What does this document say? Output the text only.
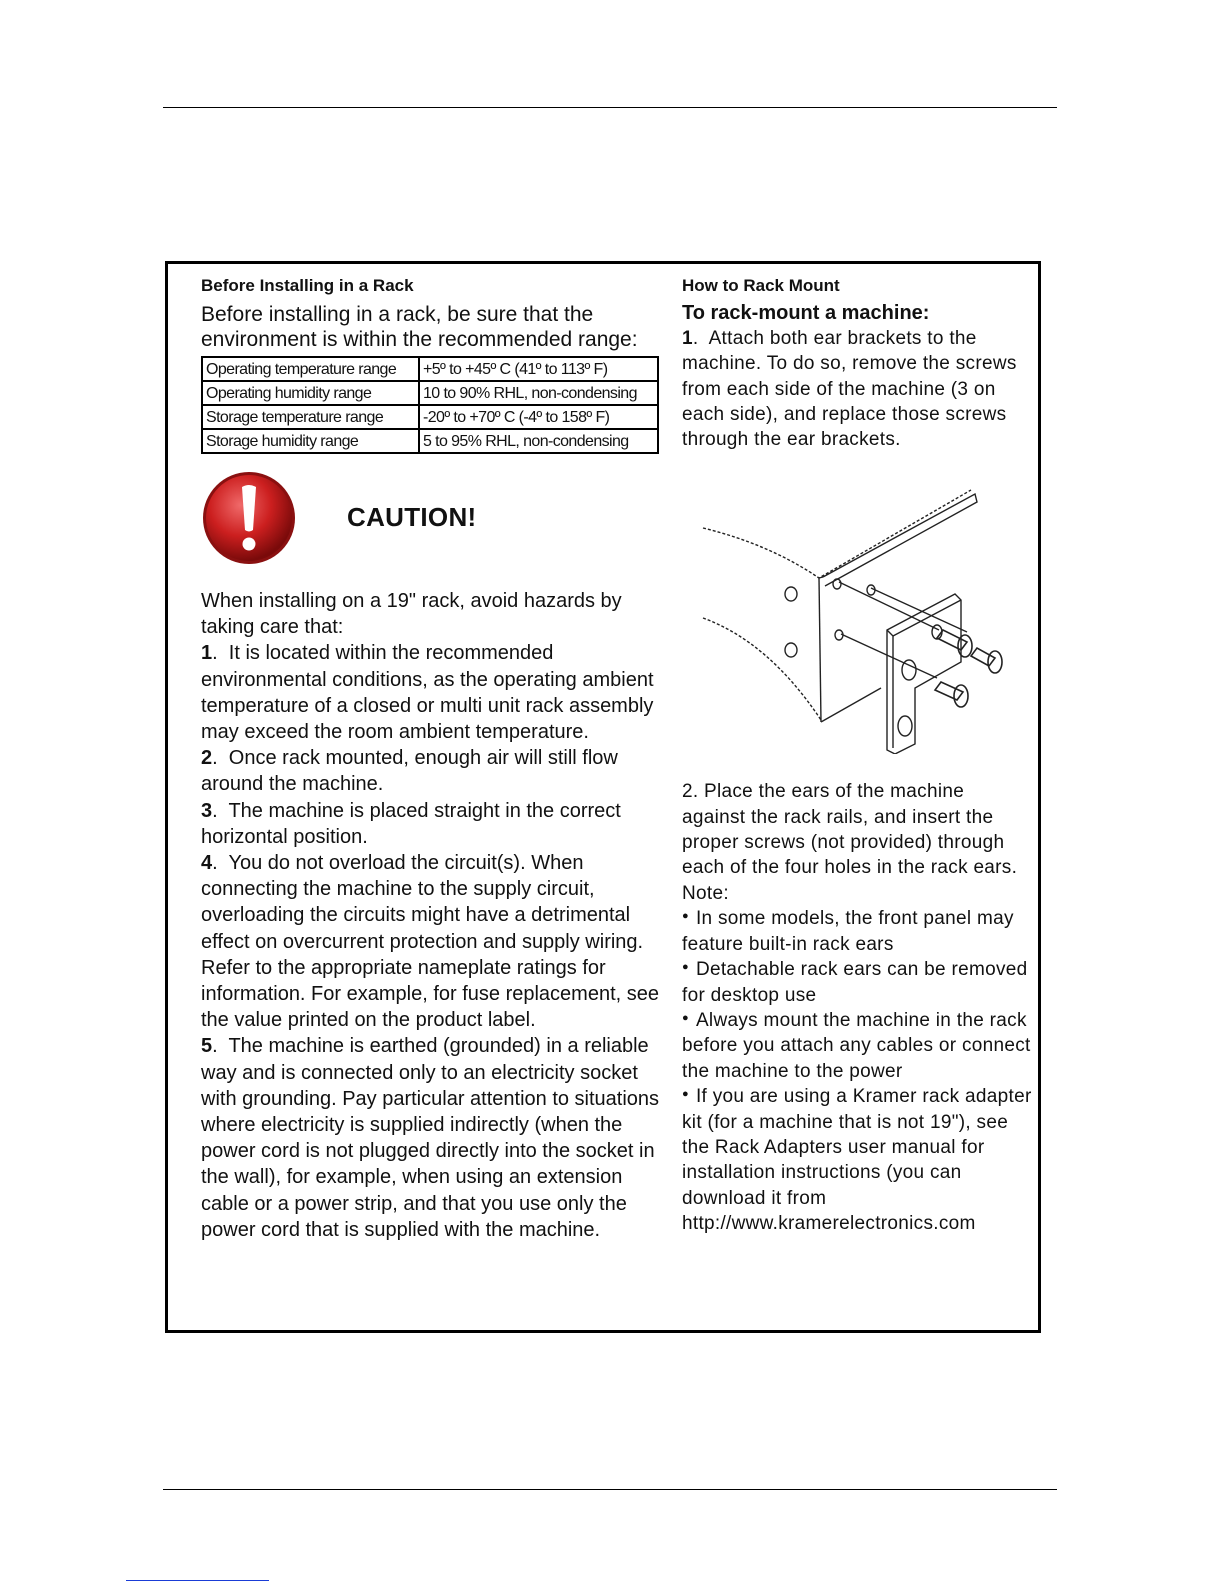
Before Installing in a Rack
Before installing in a rack, be sure that the environment is within the recommended range:
Operating temperature range	+5º to +45º C (41º to 113º F)
Operating humidity range	10 to 90% RHL, non-condensing
Storage temperature range	-20º to +70º C (-4º to 158º F)
Storage humidity range	5 to 95% RHL, non-condensing
CAUTION!

When installing on a 19" rack, avoid hazards by taking care that:

1.  It is located within the recommended environmental conditions, as the operating ambient temperature of a closed or multi unit rack assembly may exceed the room ambient temperature.

2.  Once rack mounted, enough air will still flow around the machine.

3.  The machine is placed straight in the correct horizontal position.

4.  You do not overload the circuit(s). When connecting the machine to the supply circuit, overloading the circuits might have a detrimental effect on overcurrent protection and supply wiring. Refer to the appropriate nameplate ratings for information. For example, for fuse replacement, see the value printed on the product label.

5.  The machine is earthed (grounded) in a reliable way and is connected only to an electricity socket with grounding. Pay particular attention to situations where electricity is supplied indirectly (when the power cord is not plugged directly into the socket in the wall), for example, when using an extension cable or a power strip, and that you use only the power cord that is supplied with the machine.

How to Rack Mount
To rack-mount a machine:

1.  Attach both ear brackets to the machine. To do so, remove the screws from each side of the machine (3 on each side), and replace those screws through the ear brackets.

2. Place the ears of the machine against the rack rails, and insert the proper screws (not provided) through each of the four holes in the rack ears.

Note:

● In some models, the front panel may feature built-in rack ears

● Detachable rack ears can be removed for desktop use

● Always mount the machine in the rack before you attach any cables or connect the machine to the power

● If you are using a Kramer rack adapter kit (for a machine that is not 19"), see the Rack Adapters user manual for installation instructions (you can download it from

http://www.kramerelectronics.com
